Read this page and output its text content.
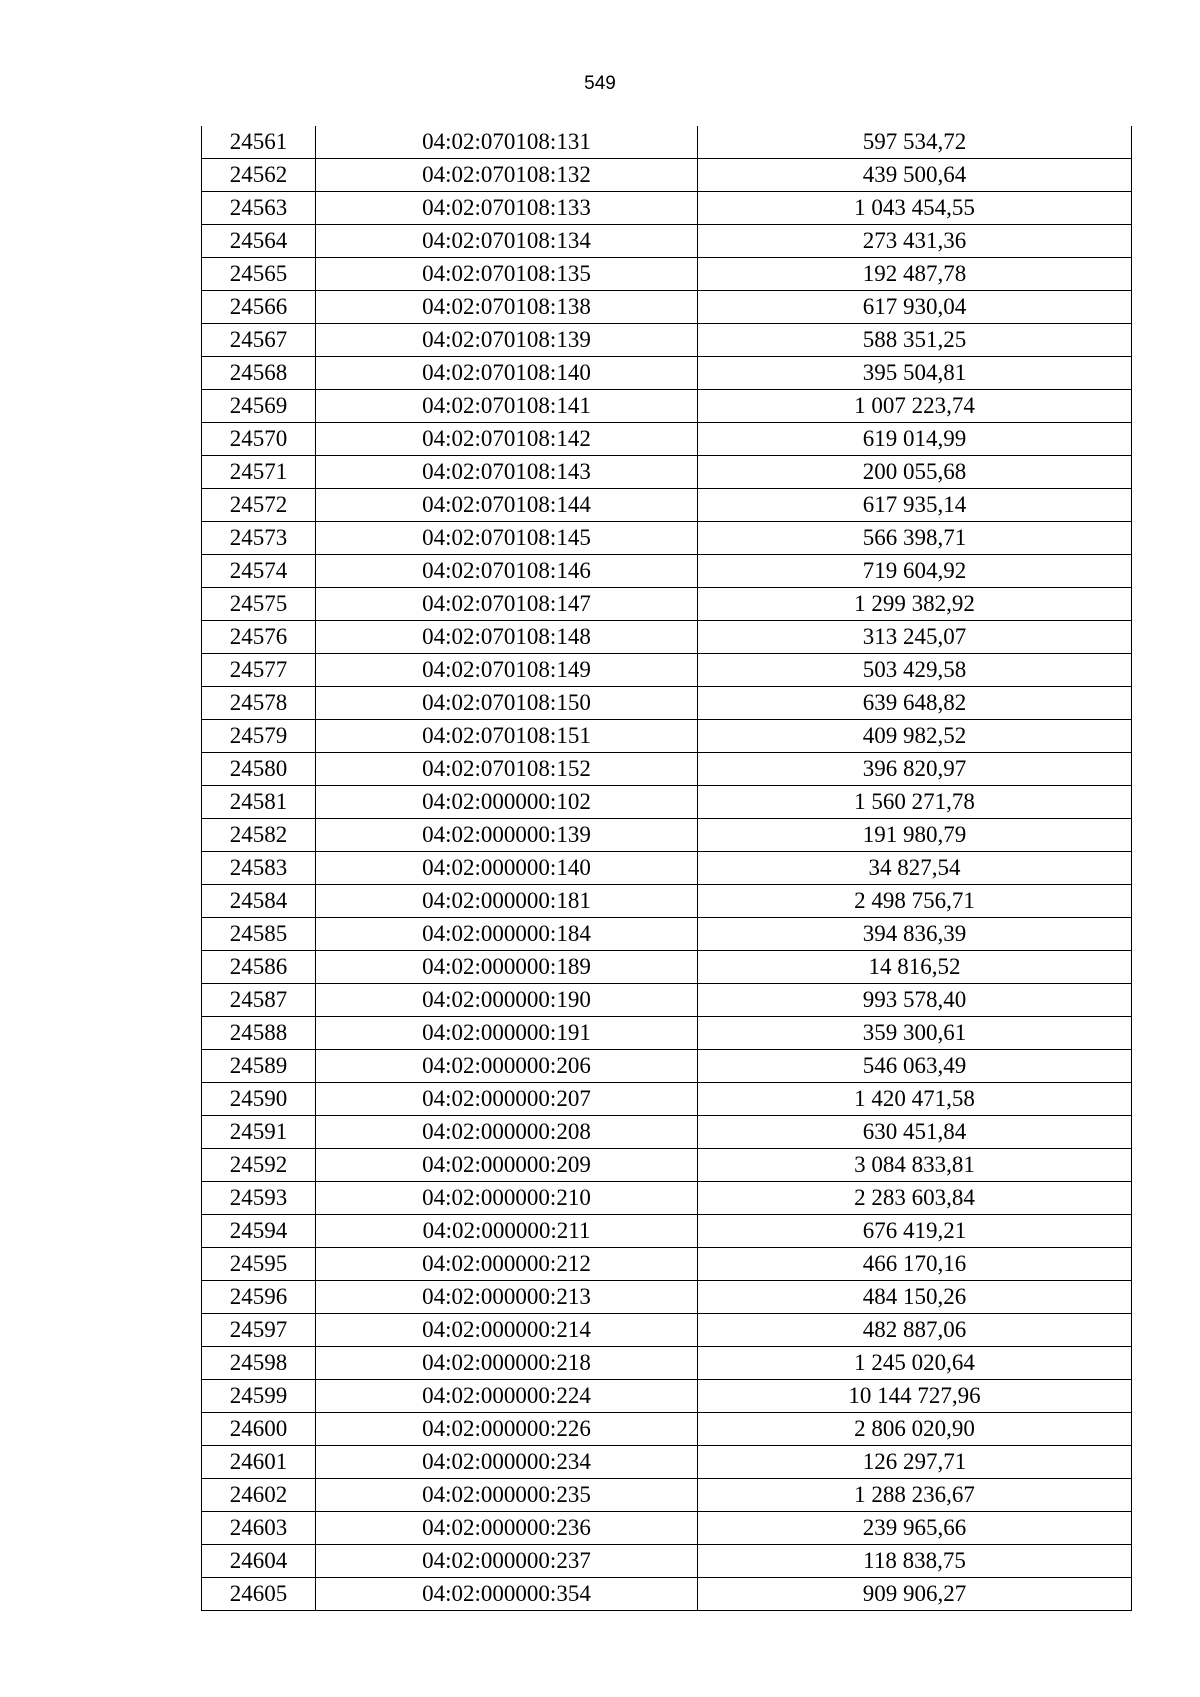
549
24561	04:02:070108:131	597 534,72
24562	04:02:070108:132	439 500,64
24563	04:02:070108:133	1 043 454,55
24564	04:02:070108:134	273 431,36
24565	04:02:070108:135	192 487,78
24566	04:02:070108:138	617 930,04
24567	04:02:070108:139	588 351,25
24568	04:02:070108:140	395 504,81
24569	04:02:070108:141	1 007 223,74
24570	04:02:070108:142	619 014,99
24571	04:02:070108:143	200 055,68
24572	04:02:070108:144	617 935,14
24573	04:02:070108:145	566 398,71
24574	04:02:070108:146	719 604,92
24575	04:02:070108:147	1 299 382,92
24576	04:02:070108:148	313 245,07
24577	04:02:070108:149	503 429,58
24578	04:02:070108:150	639 648,82
24579	04:02:070108:151	409 982,52
24580	04:02:070108:152	396 820,97
24581	04:02:000000:102	1 560 271,78
24582	04:02:000000:139	191 980,79
24583	04:02:000000:140	34 827,54
24584	04:02:000000:181	2 498 756,71
24585	04:02:000000:184	394 836,39
24586	04:02:000000:189	14 816,52
24587	04:02:000000:190	993 578,40
24588	04:02:000000:191	359 300,61
24589	04:02:000000:206	546 063,49
24590	04:02:000000:207	1 420 471,58
24591	04:02:000000:208	630 451,84
24592	04:02:000000:209	3 084 833,81
24593	04:02:000000:210	2 283 603,84
24594	04:02:000000:211	676 419,21
24595	04:02:000000:212	466 170,16
24596	04:02:000000:213	484 150,26
24597	04:02:000000:214	482 887,06
24598	04:02:000000:218	1 245 020,64
24599	04:02:000000:224	10 144 727,96
24600	04:02:000000:226	2 806 020,90
24601	04:02:000000:234	126 297,71
24602	04:02:000000:235	1 288 236,67
24603	04:02:000000:236	239 965,66
24604	04:02:000000:237	118 838,75
24605	04:02:000000:354	909 906,27
